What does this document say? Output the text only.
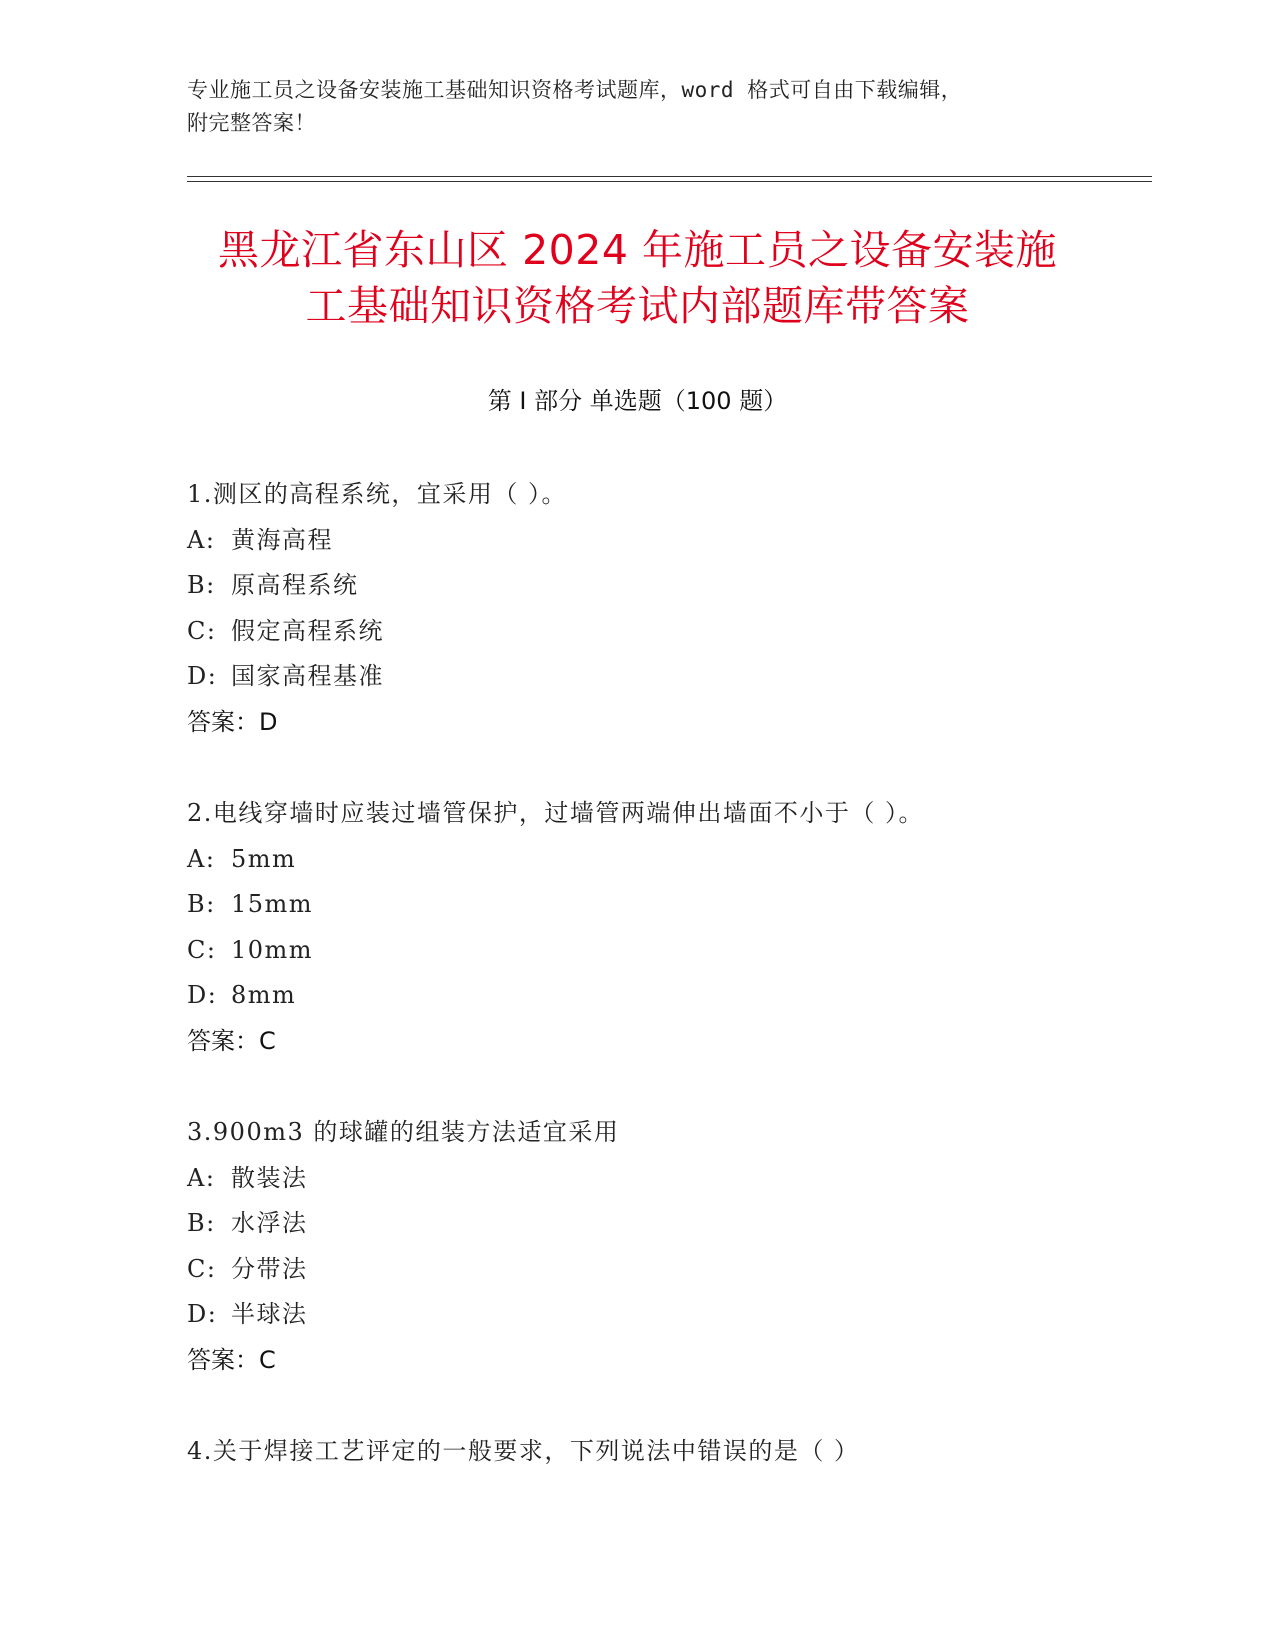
专业施工员之设备安装施工基础知识资格考试题库，word 格式可自由下载编辑，
附完整答案！
黑龙江省东山区 2024 年施工员之设备安装施
工基础知识资格考试内部题库带答案
第 I 部分 单选题（100 题）
1.测区的高程系统，宜采用（ ）。
A: 黄海高程
B: 原高程系统
C: 假定高程系统
D: 国家高程基准
答案：D
2.电线穿墙时应装过墙管保护，过墙管两端伸出墙面不小于（ ）。
A: 5mm
B: 15mm
C: 10mm
D: 8mm
答案：C
3.900m3 的球罐的组装方法适宜采用
A: 散装法
B: 水浮法
C: 分带法
D: 半球法
答案：C
4.关于焊接工艺评定的一般要求，下列说法中错误的是（ ）
